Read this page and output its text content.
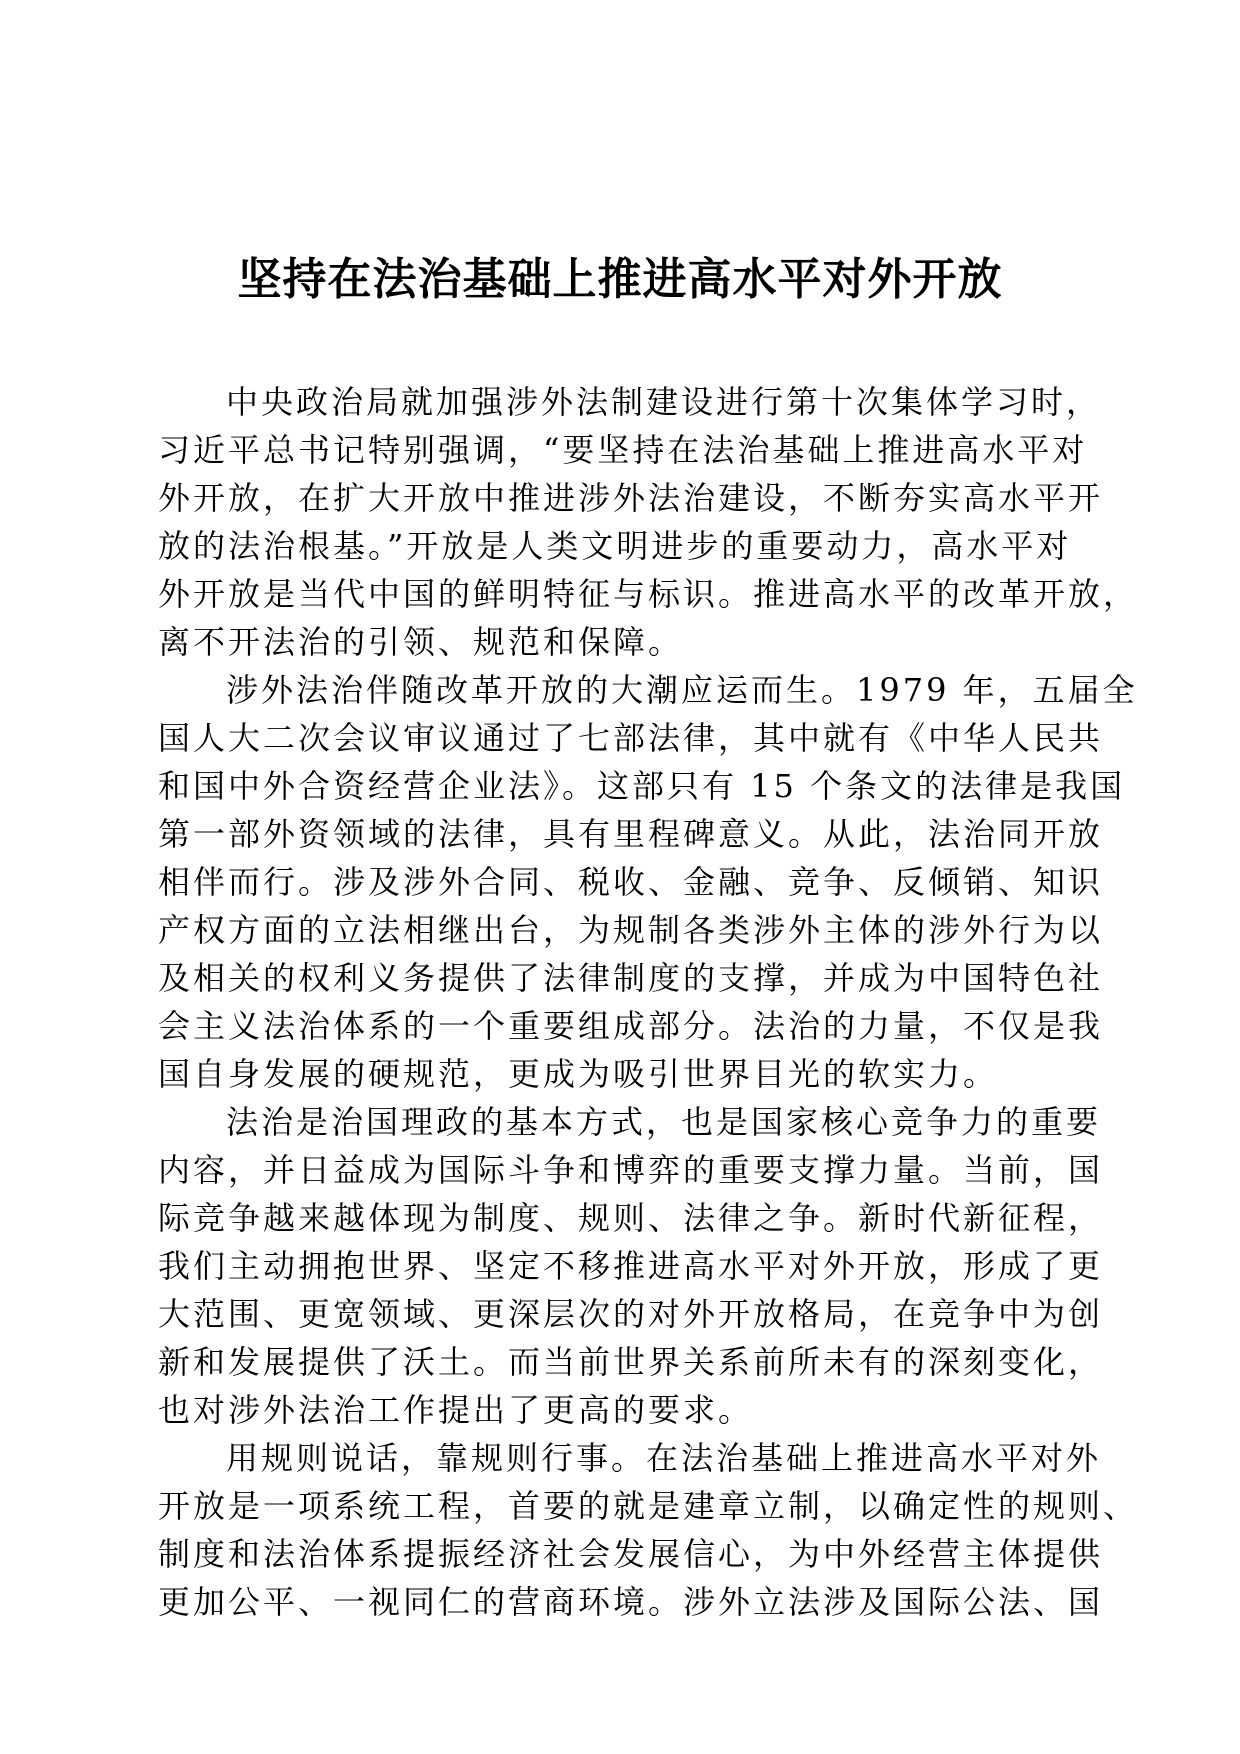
坚持在法治基础上推进高水平对外开放
中央政治局就加强涉外法制建设进行第十次集体学习时，
习近平总书记特别强调，“要坚持在法治基础上推进高水平对
外开放，在扩大开放中推进涉外法治建设，不断夯实高水平开
放的法治根基。”开放是人类文明进步的重要动力，高水平对
外开放是当代中国的鲜明特征与标识。推进高水平的改革开放，
离不开法治的引领、规范和保障。
涉外法治伴随改革开放的大潮应运而生。1979 年，五届全
国人大二次会议审议通过了七部法律，其中就有《中华人民共
和国中外合资经营企业法》。这部只有 15 个条文的法律是我国
第一部外资领域的法律，具有里程碑意义。从此，法治同开放
相伴而行。涉及涉外合同、税收、金融、竞争、反倾销、知识
产权方面的立法相继出台，为规制各类涉外主体的涉外行为以
及相关的权利义务提供了法律制度的支撑，并成为中国特色社
会主义法治体系的一个重要组成部分。法治的力量，不仅是我
国自身发展的硬规范，更成为吸引世界目光的软实力。
法治是治国理政的基本方式，也是国家核心竞争力的重要
内容，并日益成为国际斗争和博弈的重要支撑力量。当前，国
际竞争越来越体现为制度、规则、法律之争。新时代新征程，
我们主动拥抱世界、坚定不移推进高水平对外开放，形成了更
大范围、更宽领域、更深层次的对外开放格局，在竞争中为创
新和发展提供了沃土。而当前世界关系前所未有的深刻变化，
也对涉外法治工作提出了更高的要求。
用规则说话，靠规则行事。在法治基础上推进高水平对外
开放是一项系统工程，首要的就是建章立制，以确定性的规则、
制度和法治体系提振经济社会发展信心，为中外经营主体提供
更加公平、一视同仁的营商环境。涉外立法涉及国际公法、国
